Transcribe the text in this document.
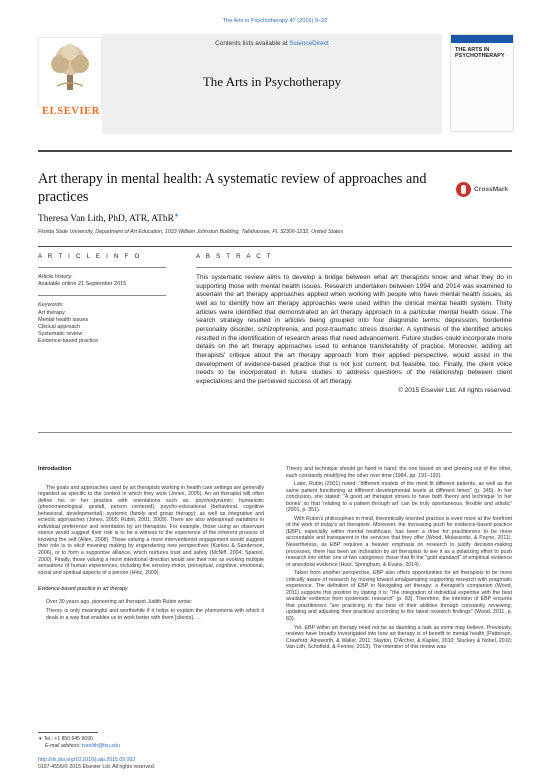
The Arts in Psychotherapy 47 (2016) 9–22
ELSEVIER
Contents lists available at ScienceDirect
The Arts in Psychotherapy
THE ARTS IN PSYCHOTHERAPY
Art therapy in mental health: A systematic review of approaches and practices	CrossMark
Theresa Van Lith, PhD, ATR, AThR∗
Florida State University, Department of Art Education, 1033 William Johnston Building, Tallahassee, FL 32306-1232, United States
A R T I C L E I N F O	A B S T R A C T
Article history:
Available online 21 September 2015
Keywords:
Art therapy
Mental health issues
Clinical approach
Systematic review
Evidence-based practice
This systematic review aims to develop a bridge between what art therapists know and what they do in supporting those with mental health issues. Research undertaken between 1994 and 2014 was examined to ascertain the art therapy approaches applied when working with people who have mental health issues, as well as to identify how art therapy approaches were used within the clinical mental health system. Thirty articles were identified that demonstrated an art therapy approach to a particular mental health issue. The search strategy resulted in articles being grouped into four diagnostic terms: depression, borderline personality disorder, schizophrenia, and post-traumatic stress disorder. A synthesis of the identified articles resulted in the identification of research areas that need advancement. Future studies could incorporate more details on the art therapy approaches used to enhance transferability of practice. Moreover, adding art therapists' critique about the art therapy approach from their applied perspective, would assist in the development of evidence-based practice that is not just current, but feasible, too. Finally, the client voice needs to be incorporated in future studies to address questions of the relationship between client expectations and the perceived success of art therapy.
© 2015 Elsevier Ltd. All rights reserved.
Introduction

The goals and approaches used by art therapists working in health care settings are generally regarded as specific to the context in which they work (Jones, 2005). An art therapist will often define his or her practice with orientations such as: psychodynamic; humanistic (phenomenological, gestalt, person centered); psycho-educational (behavioral, cognitive behavioral, developmental); systemic (family and group therapy); as well as integrative and eclectic approaches (Jones, 2005; Rubin, 2001, 2009). There are also widespread variations in individual preference and orientation by art therapists. For example, those using an observant stance would suggest their role is to be a witness to the experience of the inherent process of knowing the self (Allen, 2008). Those valuing a more interventionist engagement would suggest their role is to elicit meaning making by engendering new perspectives (Karkou & Sanderson, 2006), or to form a supportive alliance, which nurtures trust and safety (McNiff, 2004; Spaniol, 2000). Finally, those valuing a more intentional direction would see their role as evoking multiple sensations of human experiences, including the sensory-motor, perceptual, cognitive, emotional, social and spiritual aspects of a person (Hinz, 2009).

Evidence-based practice in art therapy

Over 30 years ago, pioneering art therapist Judith Rubin wrote:

Theory is only meaningful and worthwhile if it helps to explain the phenomena with which it deals in a way that enables us to work better with them [clients]. …

Theory and technique should go hand in hand; the one based on and growing out of the other, each constantly modifying the other over time (1984, pp. 191–192).

Later, Rubin (2001) noted: "different models of the mind fit different patients, as well as the same patient functioning at different developmental levels at different times" (p. 345). In her conclusion, she stated: "A good art therapist strives to have both theory and technique 'in her bones' so that 'relating to a patient through art' can be truly spontaneous, flexible and artistic" (2001, p. 351).

With Rubin's philosophies in mind, theoretically oriented practice is even more at the forefront of the work of today's art therapists. Moreover, the increasing push for evidence-based practice (EBP), especially within mental healthcare, has been a drive for practitioners to be more accountable and transparent in the services that they offer (Wood, Molassiotis, & Payne, 2011). Nevertheless, as EBP requires a heavier emphasis on research to justify decision-making processes, there has been an inclination by art therapists to see it as a polarizing effort to push research into either one of two categories: those that fit the "gold standard" of empirical evidence or anecdotal evidence (Huet, Springham, & Evans, 2014).

Taken from another perspective, EBP also offers opportunities for art therapists to be more critically aware of research by moving toward amalgamating supporting research with pragmatic experience. The definition of EBP in Navigating art therapy: a therapist's companion (Wood, 2011) supports this position by stating it is: "the integration of individual expertise with the best available evidence from systematic research" (p. 83). Therefore, the intention of EBP ensures that practitioners "are practicing to the best of their abilities through constantly reviewing, updating and adjusting their practices according to the latest research findings" (Wood, 2011, p. 83).

Yet, EBP within art therapy need not be as daunting a task as some may believe. Previously, reviews have broadly investigated into how art therapy is of benefit to mental health (Patterson, Crawford, Ainsworth, & Waller, 2011; Slayton, D'Archer, & Kaplan, 2010; Stuckey & Nobel, 2010; Van Lith, Schofield, & Fenner, 2013). The intention of this review was

∗ Tel.: +1 850 645 9690.
E-mail address: tvanlith@fsu.edu
http://dx.doi.org/10.1016/j.aip.2015.09.003
0197-4556/© 2015 Elsevier Ltd. All rights reserved.
